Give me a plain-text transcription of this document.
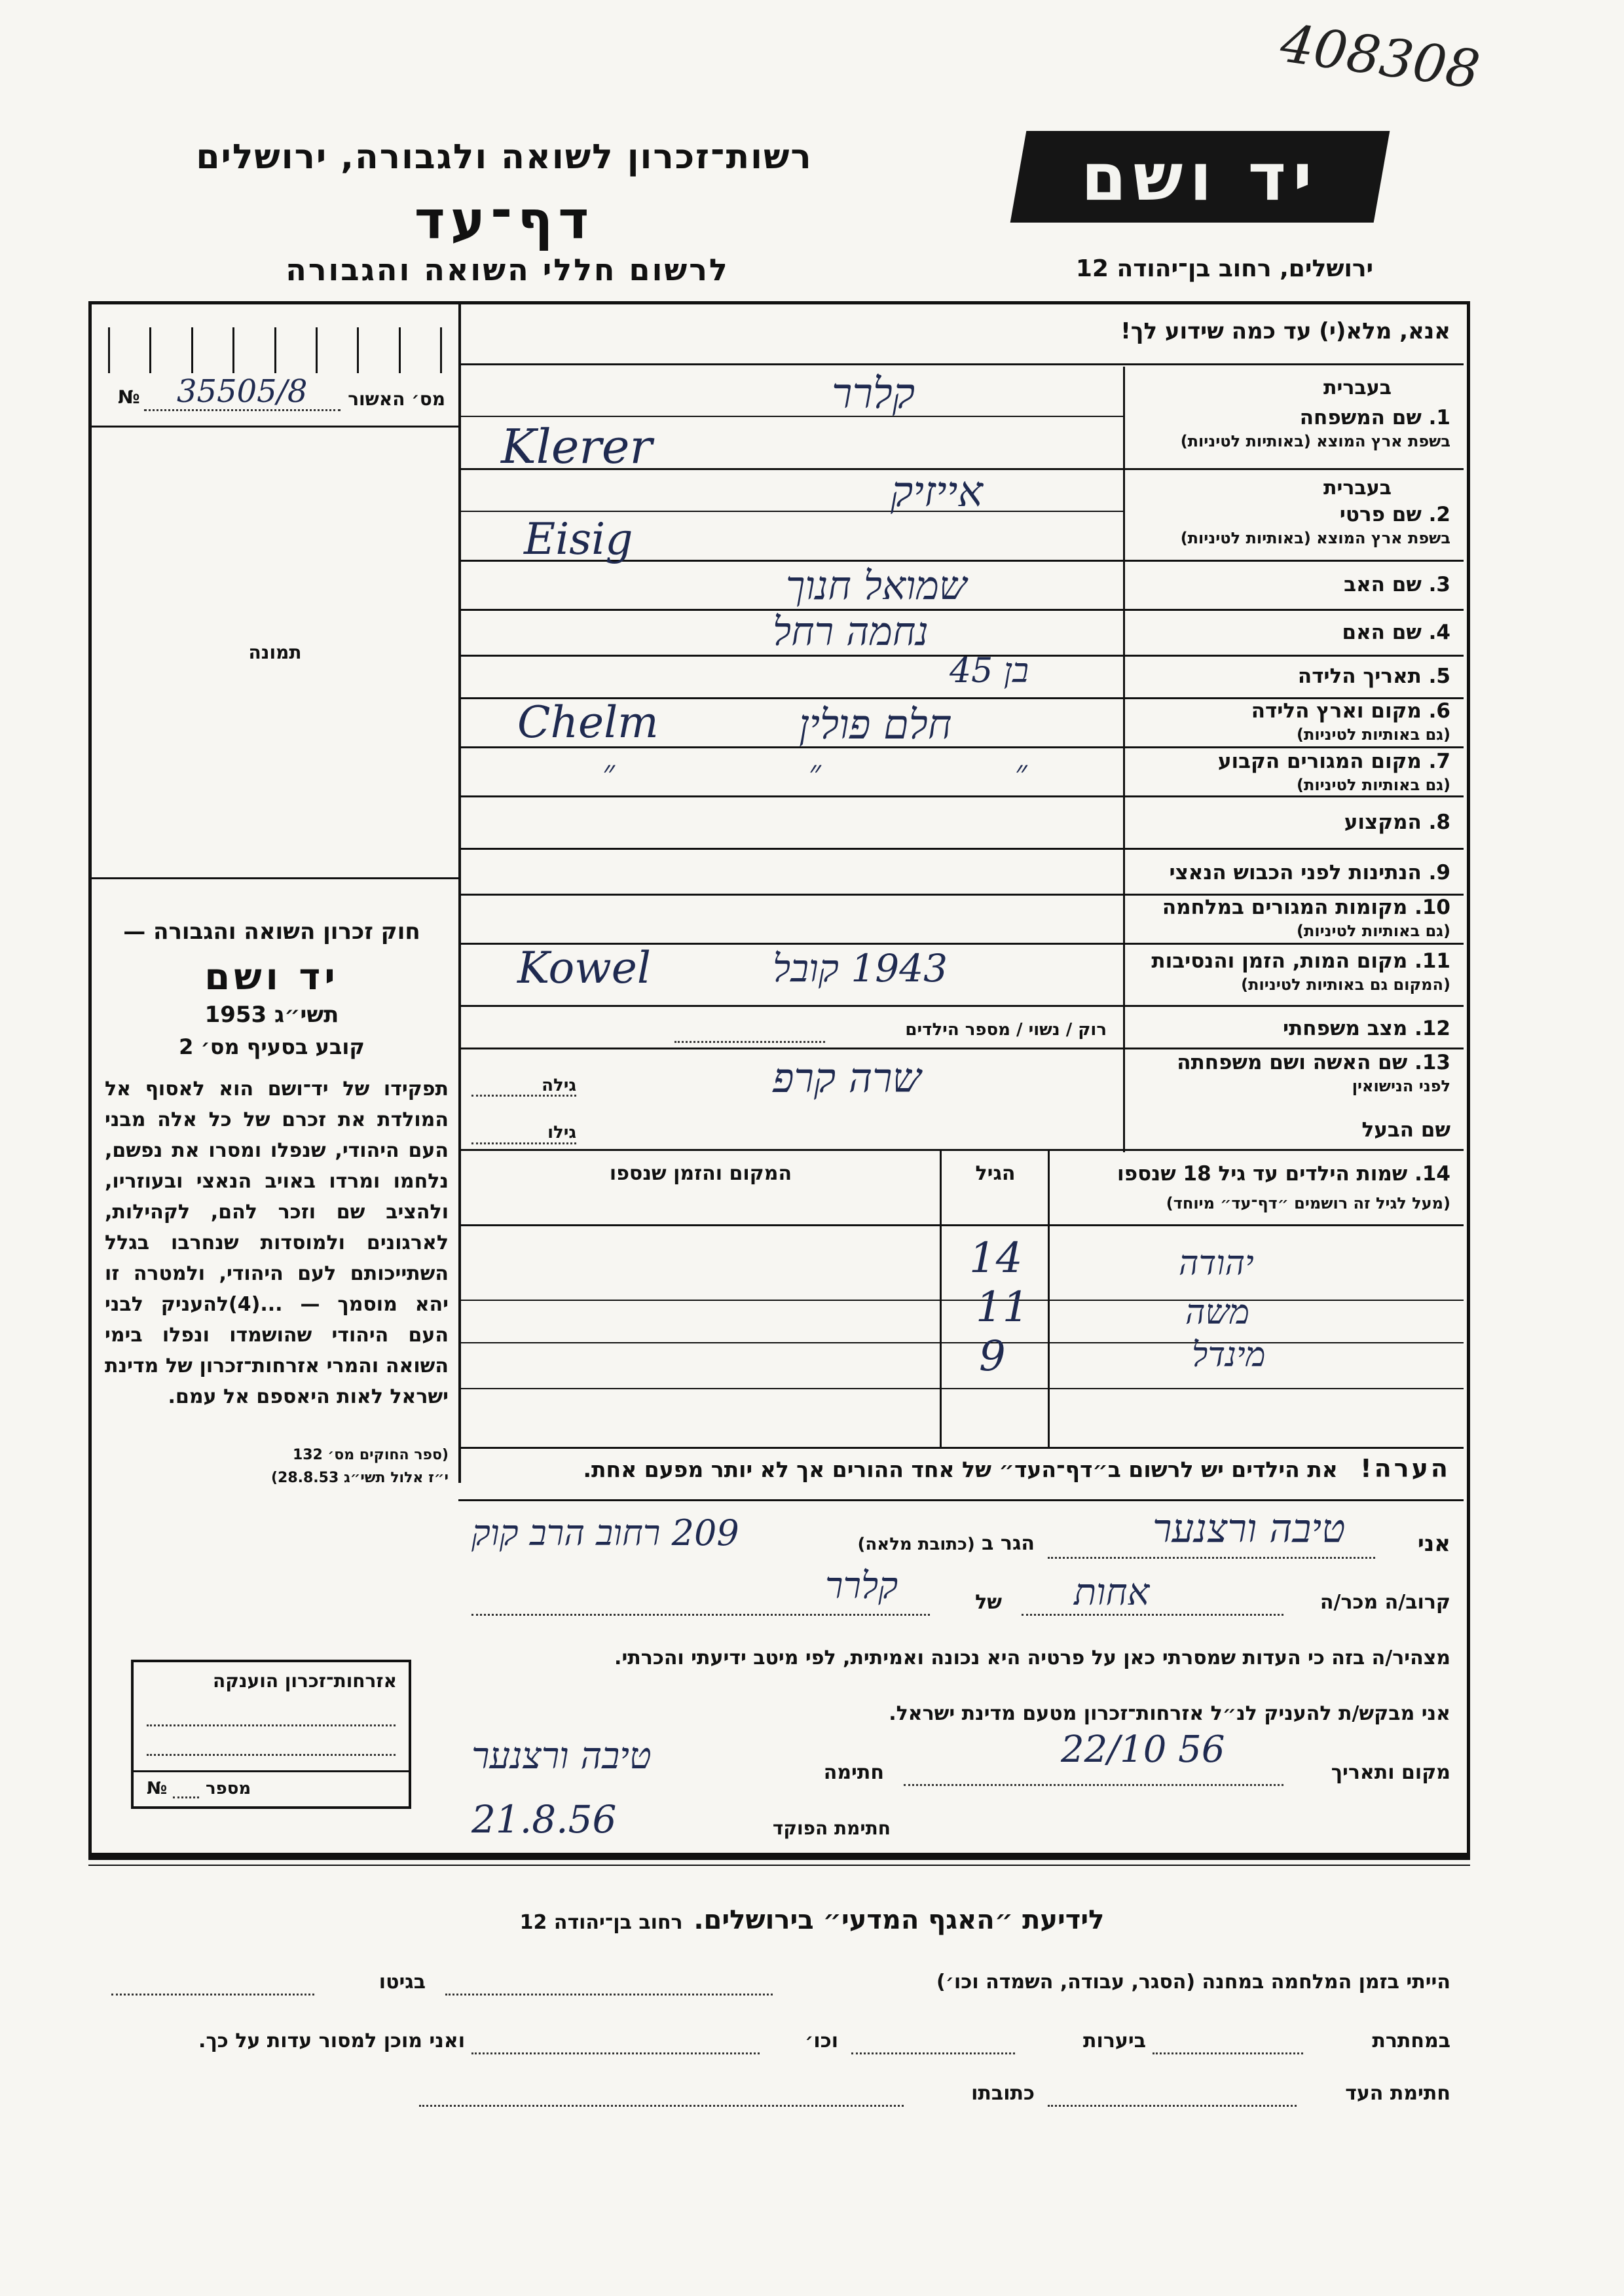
408308
רשות־זכרון לשואה ולגבורה, ירושלים
דף־עד
לרשום חללי השואה והגבורה
יד ושם
ירושלים, רחוב בן־יהודה 12
אנא, מלא(י) עד כמה שידוע לך!
№ 35505/8	מס׳ האשור
תמונה
חוק זכרון השואה והגבורה —
יד ושם
תשי״ג 1953
קובע בסעיף מס׳ 2
תפקידו של יד־ושם הוא לאסוף אל המולדת את זכרם של כל אלה מבני העם היהודי, שנפלו ומסרו את נפשם, נלחמו ומרדו באויב הנאצי ובעוזריו, ולהציב שם וזכר להם, לקהילות, לארגונים ולמוסדות שנחרבו בגלל השתייכותם לעם היהודי, ולמטרה זו יהא מוסמך — ...(4)להעניק לבני העם היהודי שהושמדו ונפלו בימי השואה והמרי אזרחות־זכרון של מדינת ישראל לאות היאספם אל עמם.
(ספר החוקים מס׳ 132
י״ז אלול תשי״ג 28.8.53)
בעברית
1. שם המשפחה
בשפת ארץ המוצא (באותיות לטיניות)
קלרר
Klerer
בעברית
2. שם פרטי
בשפת ארץ המוצא (באותיות לטיניות)
אייזיק
Eisig
3. שם האב
שמואל חנוך
4. שם האם
נחמה רחל
5. תאריך הלידה
בן 45
6. מקום וארץ הלידה
(גם באותיות לטיניות)
חלם פולין
Chelm
7. מקום המגורים הקבוע
(גם באותיות לטיניות)
״ ״ ״
8. המקצוע
9. הנתינות לפני הכבוש הנאצי
10. מקומות המגורים במלחמה
(גם באותיות לטיניות)
11. מקום המות, הזמן והנסיבות
(המקום גם באותיות לטיניות)
1943 קובל
Kowel
12. מצב משפחתי
רוק / נשוי / מספר הילדים
13. שם האשה ושם משפחתה
לפני הנישואין
שרה קרפ
גילה
שם הבעל
גילו
14. שמות הילדים עד גיל 18 שנספו
(מעל לגיל זה רושמים ״דף־עד״ מיוחד)
הגיל
המקום והזמן שנספו
יהודה
14
משה
11
מינדל
9
הערה!   את הילדים יש לרשום ב״דף־העד״ של אחד ההורים אך לא יותר מפעם אחת.
אני
טיבה ורצנער
הגר ב (כתובת מלאה)
209 רחוב הרב קוק
קרוב/ה מכר/ה
אחות
של
קלרר
מצהיר/ה בזה כי העדות שמסרתי כאן על פרטיה היא נכונה ואמיתית, לפי מיטב ידיעתי והכרתי.
אני מבקש/ת להעניק לנ״ל אזרחות־זכרון מטעם מדינת ישראל.
מקום ותאריך
22/10 56
חתימה
טיבה ורצנער
חתימת הפוקד
21.8.56
אזרחות־זכרון הוענקה
№ מספר
לידיעת ״האגף המדעי״ בירושלים.   רחוב בן־יהודה 12
הייתי בזמן המלחמה במחנה (הסגר, עבודה, השמדה וכו׳)
בגיטו
במחתרת
ביערות
וכו׳
ואני מוכן למסור עדות על כך.
חתימת העד
כתובתו
